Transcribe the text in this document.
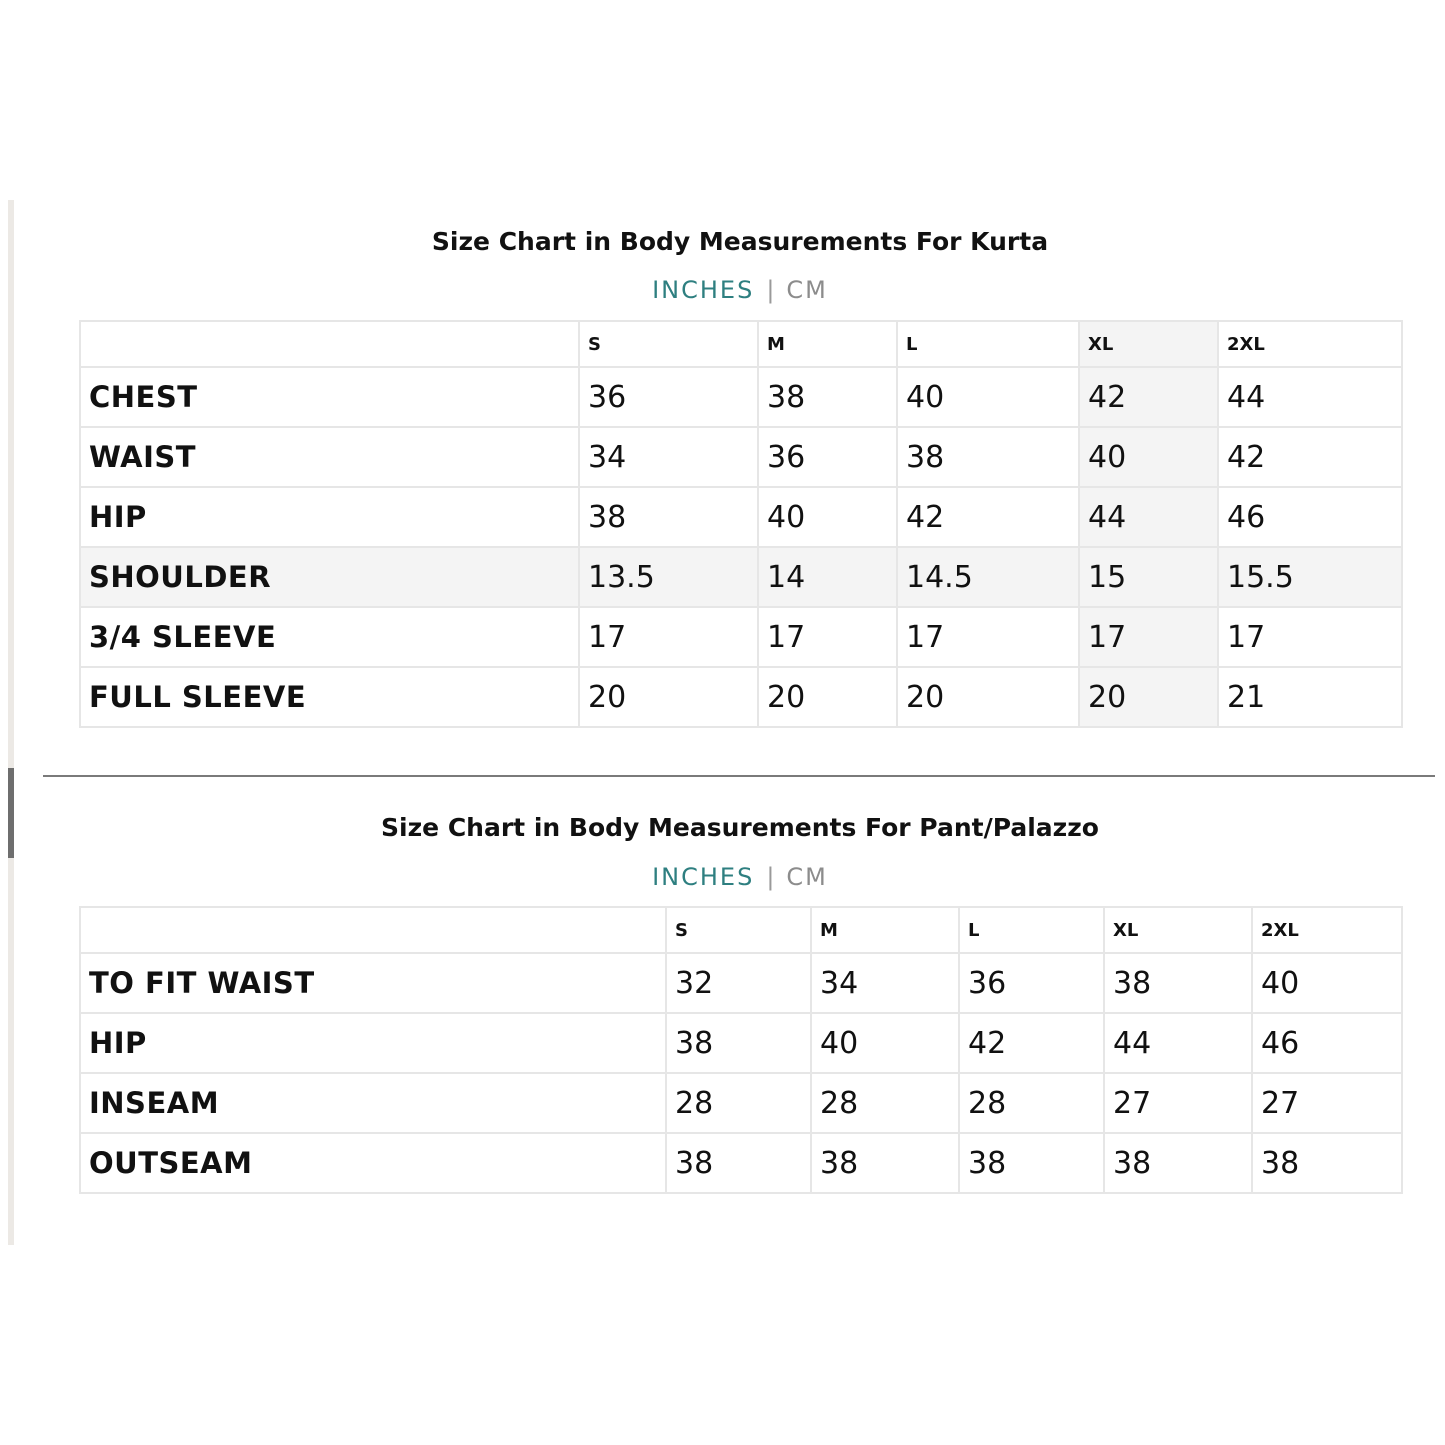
Size Chart in Body Measurements For Kurta
INCHES | CM
	S	M	L	XL	2XL
CHEST	36	38	40	42	44
WAIST	34	36	38	40	42
HIP	38	40	42	44	46
SHOULDER	13.5	14	14.5	15	15.5
3/4 SLEEVE	17	17	17	17	17
FULL SLEEVE	20	20	20	20	21
Size Chart in Body Measurements For Pant/Palazzo
INCHES | CM
	S	M	L	XL	2XL
TO FIT WAIST	32	34	36	38	40
HIP	38	40	42	44	46
INSEAM	28	28	28	27	27
OUTSEAM	38	38	38	38	38
